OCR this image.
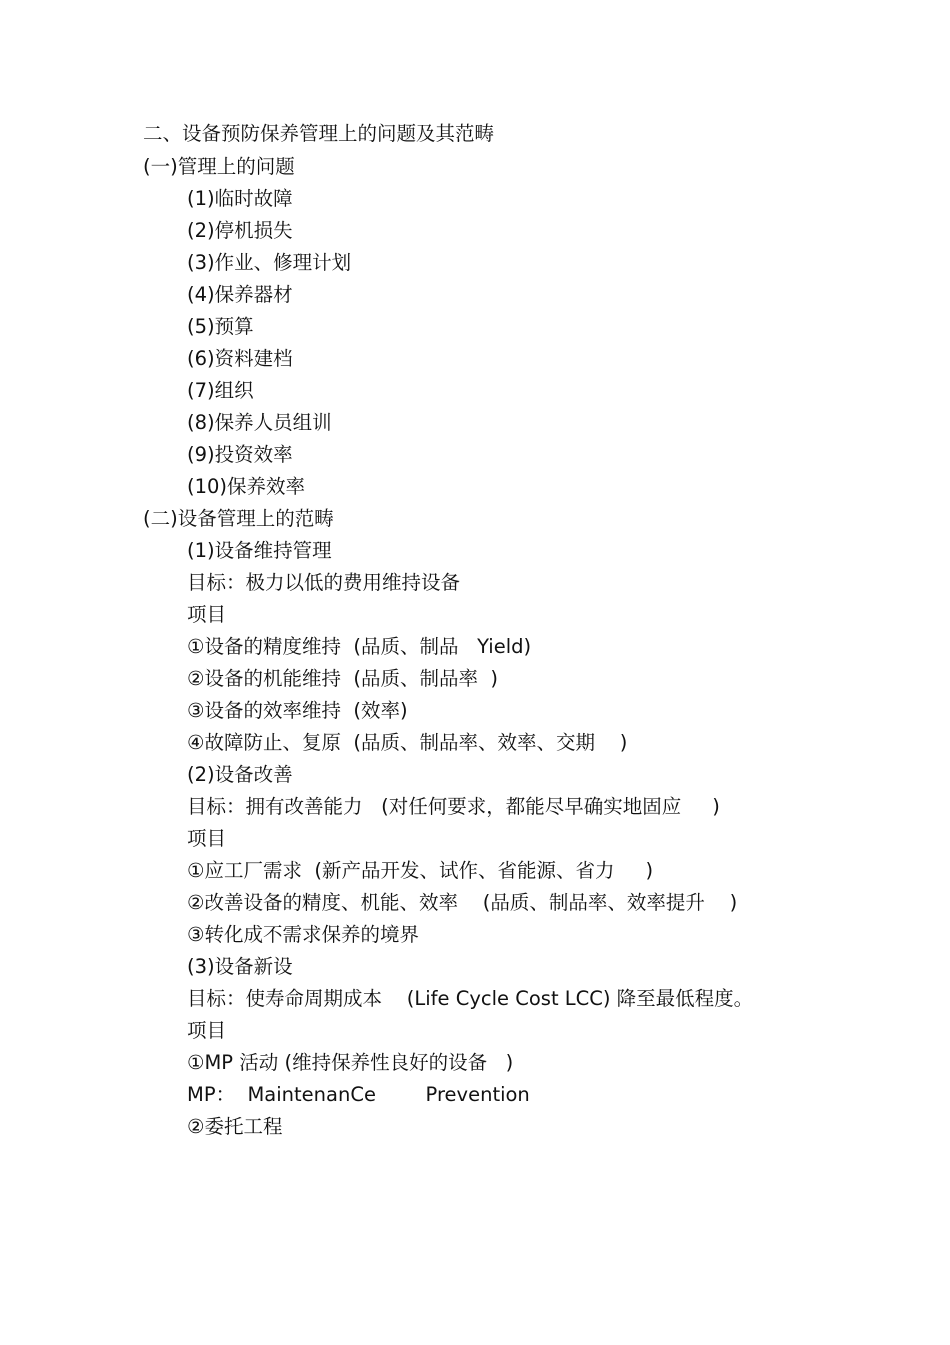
二、设备预防保养管理上的问题及其范畴
(一)管理上的问题
(1)临时故障
(2)停机损失
(3)作业、修理计划
(4)保养器材
(5)预算
(6)资料建档
(7)组织
(8)保养人员组训
(9)投资效率
(10)保养效率
(二)设备管理上的范畴
(1)设备维持管理
目标：极力以低的费用维持设备
项目
①设备的精度维持  (品质、制品   Yield)
②设备的机能维持  (品质、制品率  )
③设备的效率维持  (效率)
④故障防止、复原  (品质、制品率、效率、交期    )
(2)设备改善
目标：拥有改善能力   (对任何要求，都能尽早确实地固应     )
项目
①应工厂需求  (新产品开发、试作、省能源、省力     )
②改善设备的精度、机能、效率    (品质、制品率、效率提升    )
③转化成不需求保养的境界
(3)设备新设
目标：使寿命周期成本    (Life Cycle Cost LCC) 降至最低程度。
项目
①MP 活动 (维持保养性良好的设备   )
MP：  MaintenanCe        Prevention
②委托工程
